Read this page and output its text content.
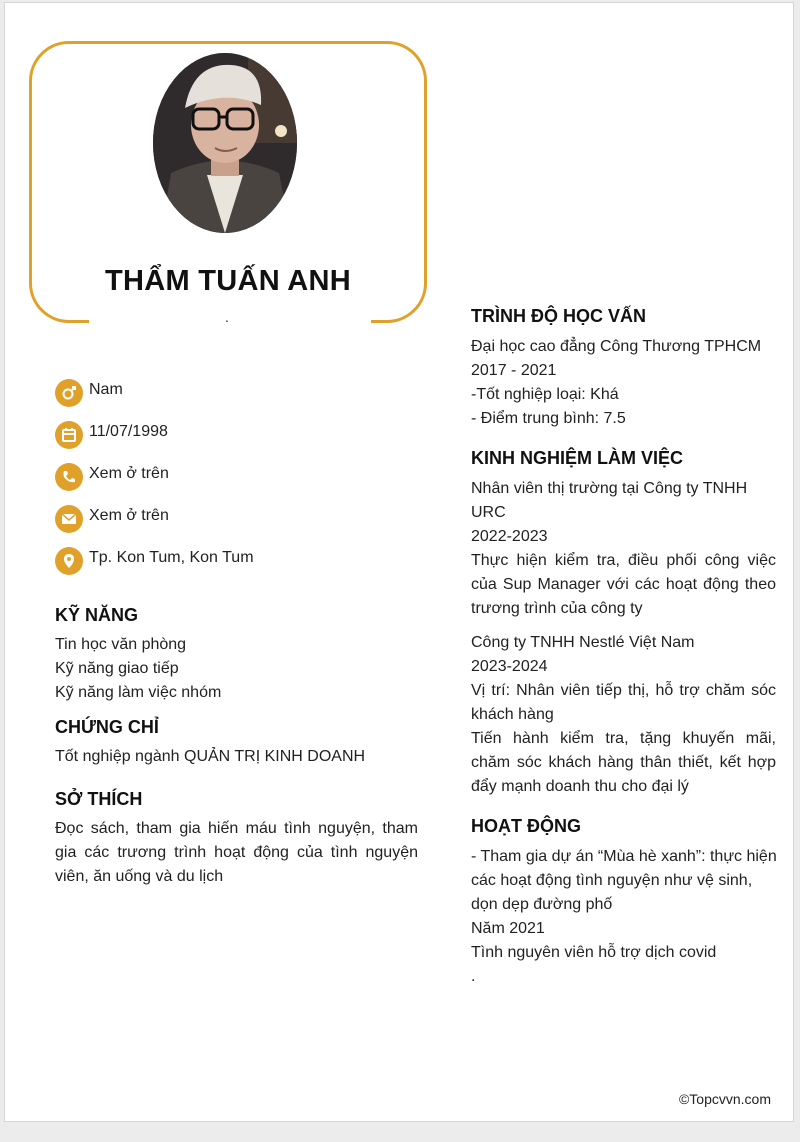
THẨM TUẤN ANH
.
Nam
11/07/1998
Xem ở trên
Xem ở trên
Tp. Kon Tum, Kon Tum
KỸ NĂNG
Tin học văn phòng
Kỹ năng giao tiếp
Kỹ năng làm việc nhóm
CHỨNG CHỈ
Tốt nghiệp ngành QUẢN TRỊ KINH DOANH
SỞ THÍCH
Đọc sách, tham gia hiến máu tình nguyện, tham gia các trương trình hoạt động của tình nguyện viên, ăn uống và du lịch
TRÌNH ĐỘ HỌC VẤN
Đại học cao đẳng Công Thương TPHCM
2017 - 2021
-Tốt nghiệp loại: Khá
- Điểm trung bình: 7.5
KINH NGHIỆM LÀM VIỆC
Nhân viên thị trường tại Công ty TNHH
URC
2022-2023
Thực hiện kiểm tra, điều phối công việc của Sup Manager với các hoạt động theo trương trình của công ty
Công ty TNHH Nestlé Việt Nam
2023-2024
Vị trí: Nhân viên tiếp thị, hỗ trợ chăm sóc khách hàng
Tiến hành kiểm tra, tặng khuyến mãi, chăm sóc khách hàng thân thiết, kết hợp đẩy mạnh doanh thu cho đại lý
HOẠT ĐỘNG
- Tham gia dự án “Mùa hè xanh”: thực hiện
các hoạt động tình nguyện như vệ sinh,
dọn dẹp đường phố
Năm 2021
Tình nguyên viên hỗ trợ dịch covid
.
©Topcvvn.com
